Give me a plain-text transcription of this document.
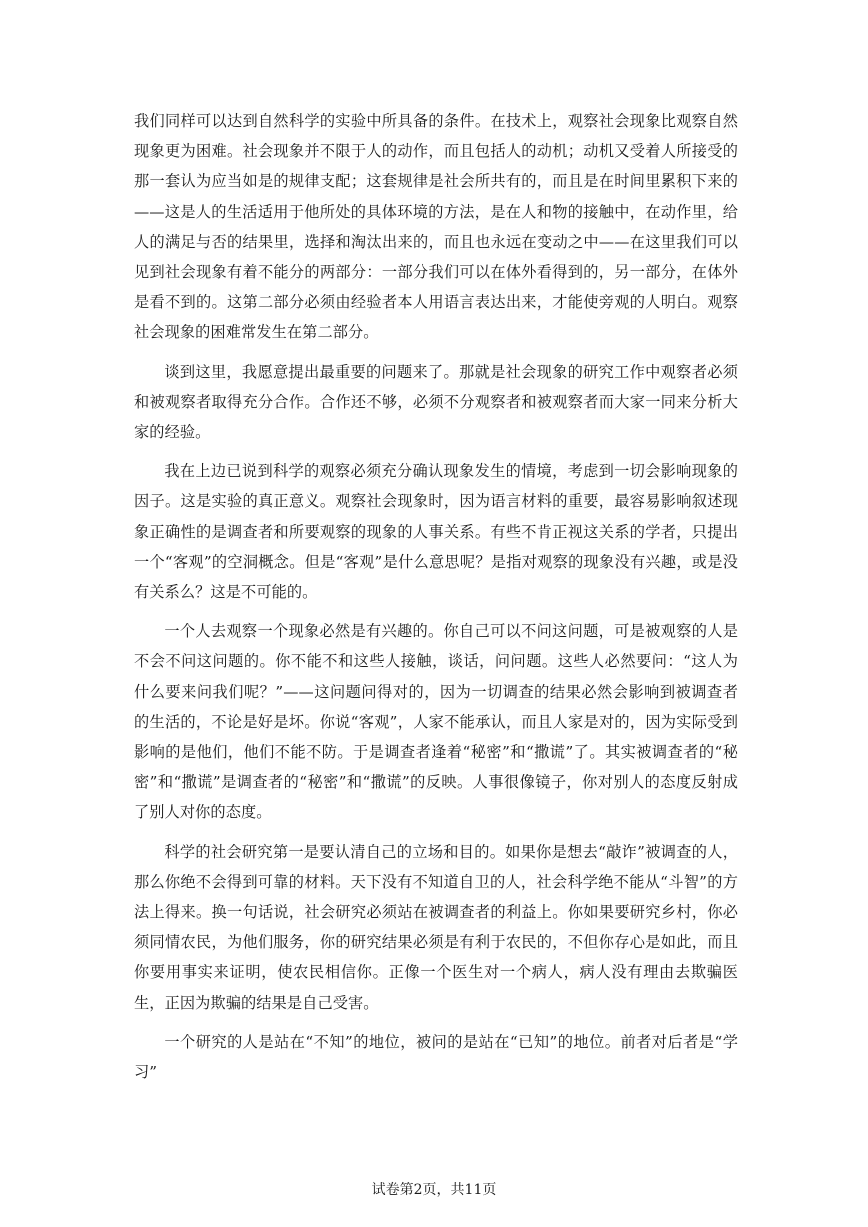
我们同样可以达到自然科学的实验中所具备的条件。在技术上，观察社会现象比观察自然现象更为困难。社会现象并不限于人的动作，而且包括人的动机；动机又受着人所接受的那一套认为应当如是的规律支配；这套规律是社会所共有的，而且是在时间里累积下来的——这是人的生活适用于他所处的具体环境的方法，是在人和物的接触中，在动作里，给人的满足与否的结果里，选择和淘汰出来的，而且也永远在变动之中——在这里我们可以见到社会现象有着不能分的两部分：一部分我们可以在体外看得到的，另一部分，在体外是看不到的。这第二部分必须由经验者本人用语言表达出来，才能使旁观的人明白。观察社会现象的困难常发生在第二部分。

谈到这里，我愿意提出最重要的问题来了。那就是社会现象的研究工作中观察者必须和被观察者取得充分合作。合作还不够，必须不分观察者和被观察者而大家一同来分析大家的经验。

我在上边已说到科学的观察必须充分确认现象发生的情境，考虑到一切会影响现象的因子。这是实验的真正意义。观察社会现象时，因为语言材料的重要，最容易影响叙述现象正确性的是调查者和所要观察的现象的人事关系。有些不肯正视这关系的学者，只提出一个“客观”的空洞概念。但是“客观”是什么意思呢？是指对观察的现象没有兴趣，或是没有关系么？这是不可能的。

一个人去观察一个现象必然是有兴趣的。你自己可以不问这问题，可是被观察的人是不会不问这问题的。你不能不和这些人接触，谈话，问问题。这些人必然要问：“这人为什么要来问我们呢？”——这问题问得对的，因为一切调查的结果必然会影响到被调查者的生活的，不论是好是坏。你说“客观”，人家不能承认，而且人家是对的，因为实际受到影响的是他们，他们不能不防。于是调查者逢着“秘密”和“撒谎”了。其实被调查者的“秘密”和“撒谎”是调查者的“秘密”和“撒谎”的反映。人事很像镜子，你对别人的态度反射成了别人对你的态度。

科学的社会研究第一是要认清自己的立场和目的。如果你是想去“敲诈”被调查的人，那么你绝不会得到可靠的材料。天下没有不知道自卫的人，社会科学绝不能从“斗智”的方法上得来。换一句话说，社会研究必须站在被调查者的利益上。你如果要研究乡村，你必须同情农民，为他们服务，你的研究结果必须是有利于农民的，不但你存心是如此，而且你要用事实来证明，使农民相信你。正像一个医生对一个病人，病人没有理由去欺骗医生，正因为欺骗的结果是自己受害。

一个研究的人是站在“不知”的地位，被问的是站在“已知”的地位。前者对后者是“学习”

试卷第2页，共11页
